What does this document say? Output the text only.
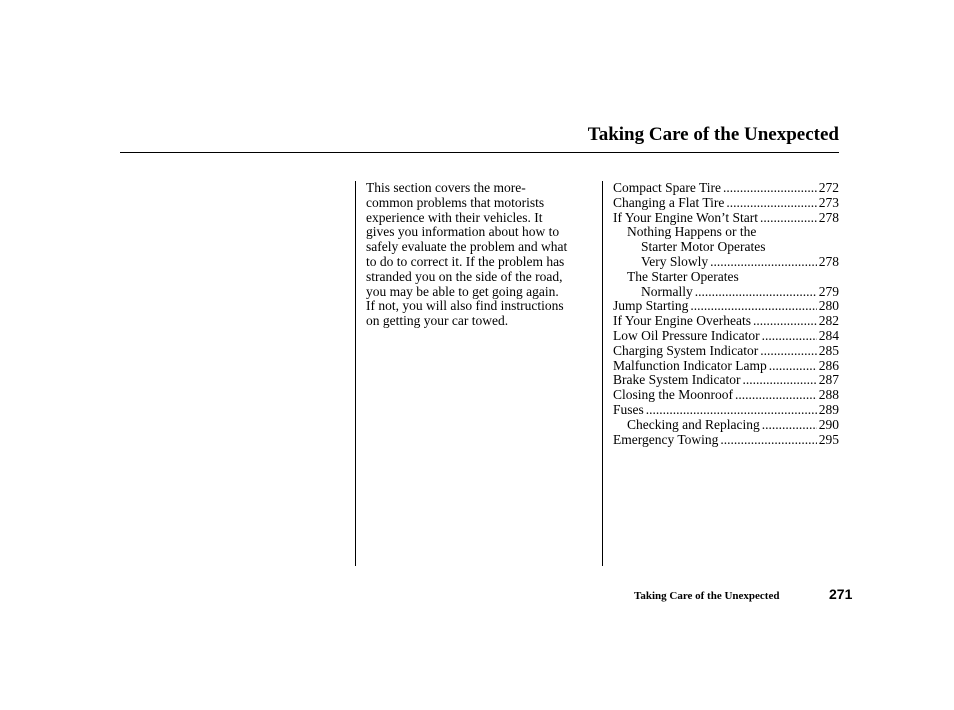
Taking Care of the Unexpected
This section covers the more-
common problems that motorists
experience with their vehicles. It
gives you information about how to
safely evaluate the problem and what
to do to correct it. If the problem has
stranded you on the side of the road,
you may be able to get going again.
If not, you will also find instructions
on getting your car towed.
Compact Spare Tire .....	272
Changing a Flat Tire .....	273
If Your Engine Won’t Start .....	278
Nothing Happens or the
Starter Motor Operates
Very Slowly .....	278
The Starter Operates
Normally .....	279
Jump Starting .....	280
If Your Engine Overheats .....	282
Low Oil Pressure Indicator .....	284
Charging System Indicator .....	285
Malfunction Indicator Lamp .....	286
Brake System Indicator .....	287
Closing the Moonroof .....	288
Fuses .....	289
Checking and Replacing .....	290
Emergency Towing .....	295
Taking Care of the Unexpected	271
